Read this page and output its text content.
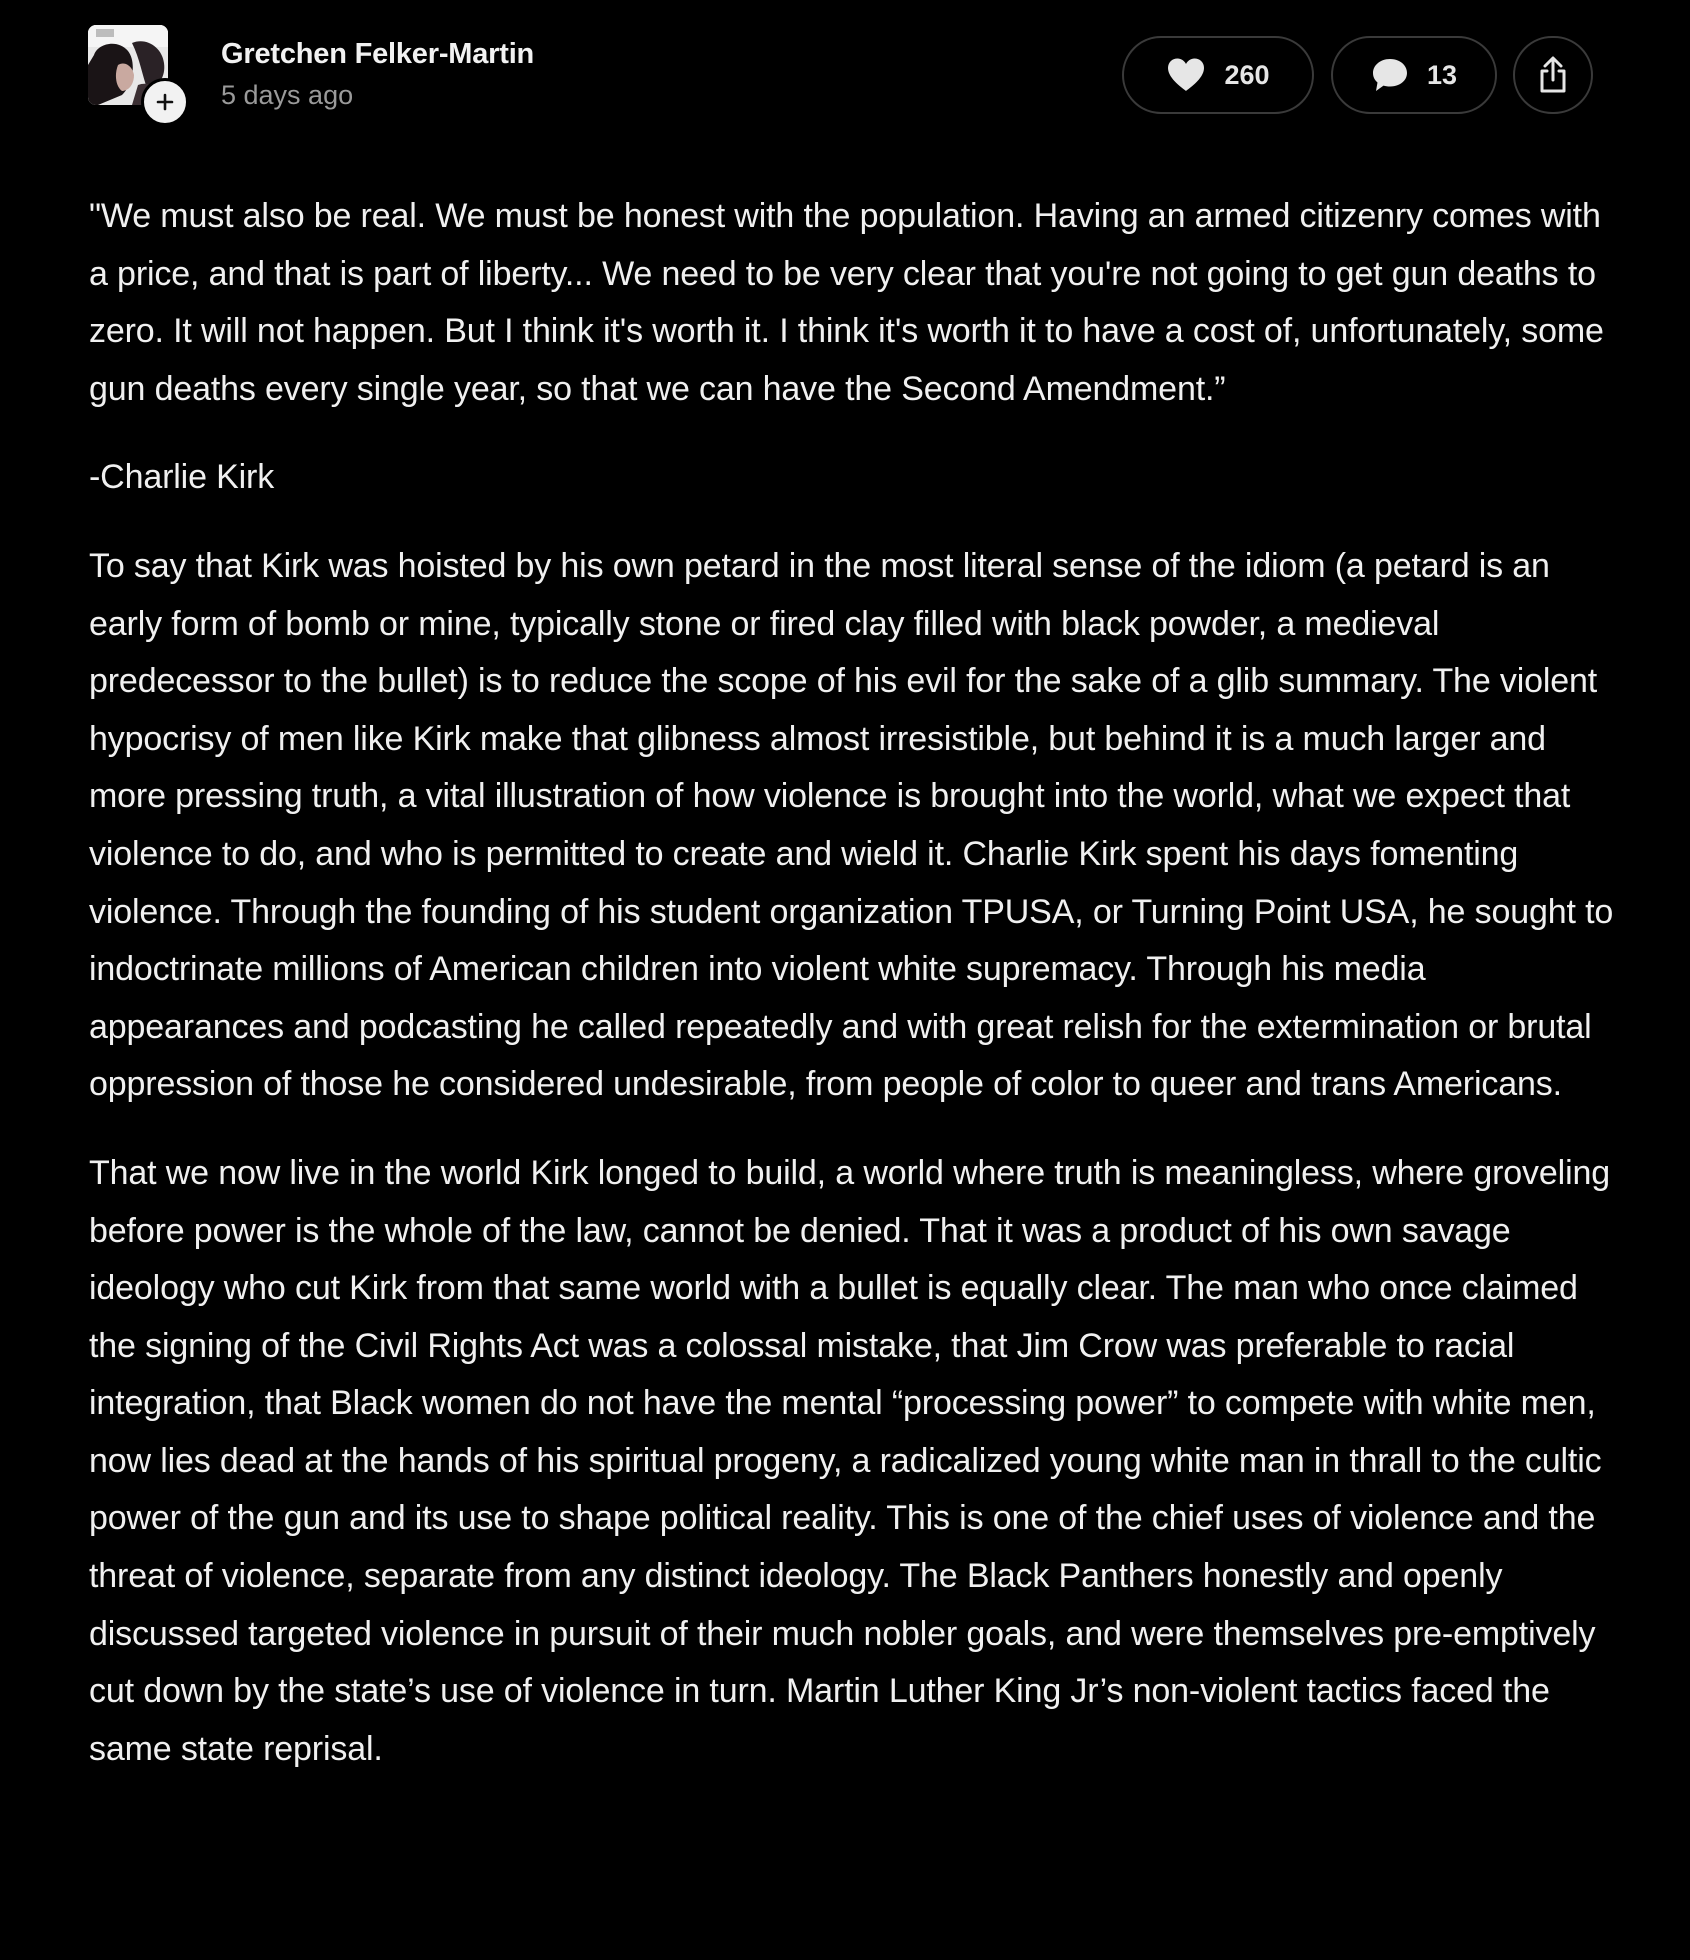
Gretchen Felker-Martin
5 days ago
260	13

"We must also be real. We must be honest with the population. Having an armed citizenry comes with a price, and that is part of liberty... We need to be very clear that you're not going to get gun deaths to zero. It will not happen. But I think it's worth it. I think it's worth it to have a cost of, unfortunately, some gun deaths every single year, so that we can have the Second Amendment.”

-Charlie Kirk

To say that Kirk was hoisted by his own petard in the most literal sense of the idiom (a petard is an early form of bomb or mine, typically stone or fired clay filled with black powder, a medieval predecessor to the bullet) is to reduce the scope of his evil for the sake of a glib summary. The violent hypocrisy of men like Kirk make that glibness almost irresistible, but behind it is a much larger and more pressing truth, a vital illustration of how violence is brought into the world, what we expect that violence to do, and who is permitted to create and wield it. Charlie Kirk spent his days fomenting violence. Through the founding of his student organization TPUSA, or Turning Point USA, he sought to indoctrinate millions of American children into violent white supremacy. Through his media appearances and podcasting he called repeatedly and with great relish for the extermination or brutal oppression of those he considered undesirable, from people of color to queer and trans Americans.

That we now live in the world Kirk longed to build, a world where truth is meaningless, where groveling before power is the whole of the law, cannot be denied. That it was a product of his own savage ideology who cut Kirk from that same world with a bullet is equally clear. The man who once claimed the signing of the Civil Rights Act was a colossal mistake, that Jim Crow was preferable to racial integration, that Black women do not have the mental “processing power” to compete with white men, now lies dead at the hands of his spiritual progeny, a radicalized young white man in thrall to the cultic power of the gun and its use to shape political reality. This is one of the chief uses of violence and the threat of violence, separate from any distinct ideology. The Black Panthers honestly and openly discussed targeted violence in pursuit of their much nobler goals, and were themselves pre-emptively cut down by the state’s use of violence in turn. Martin Luther King Jr’s non-violent tactics faced the same state reprisal.
